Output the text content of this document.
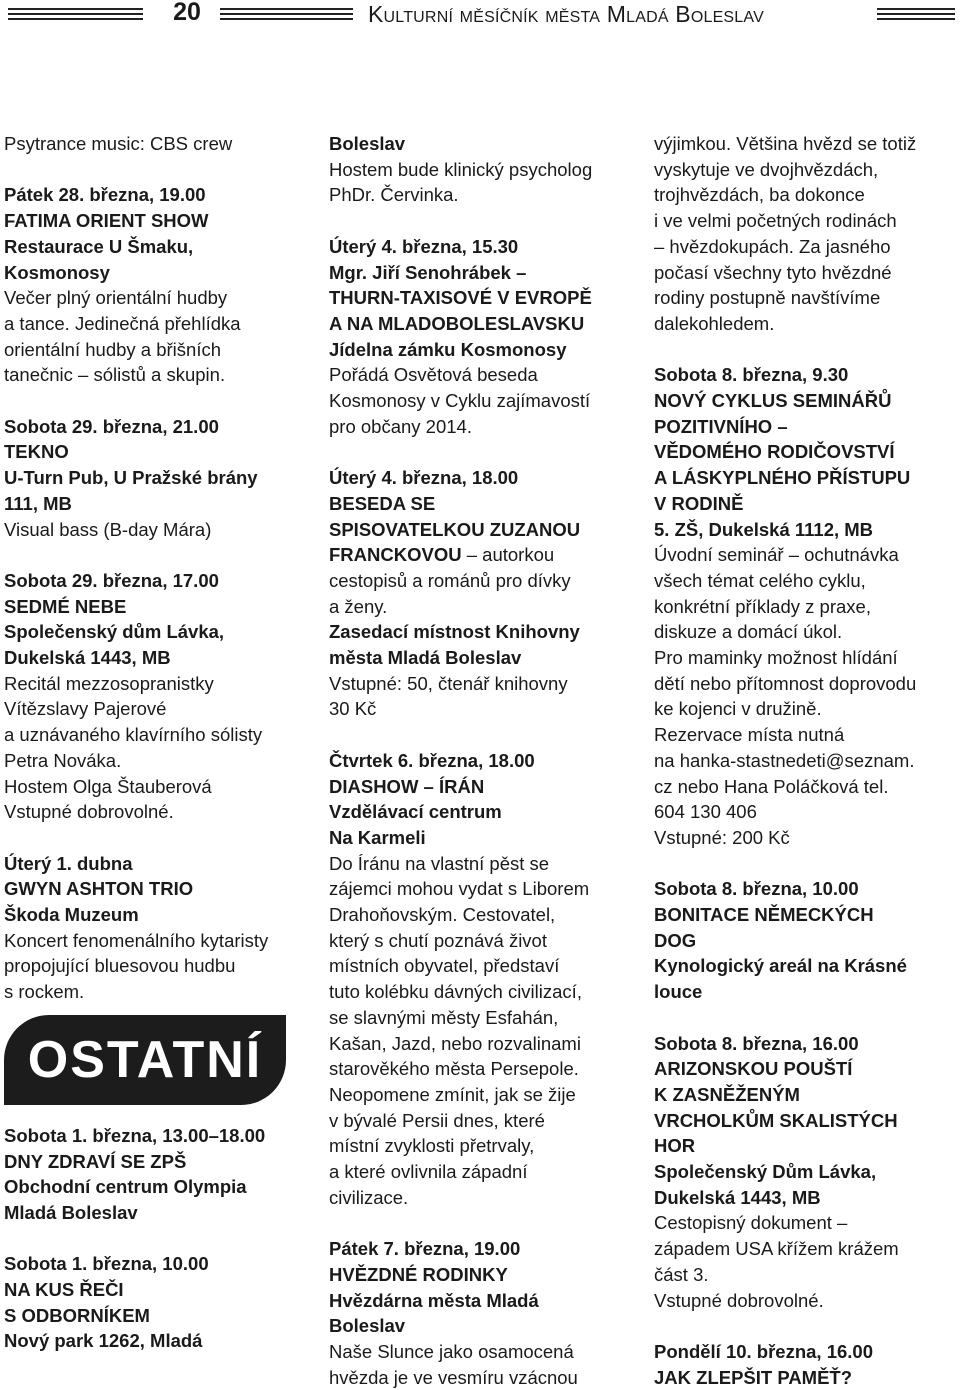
20	Kulturní měsíčník města Mladá Boleslav
Psytrance music: CBS crew
Pátek 28. března, 19.00
FATIMA ORIENT SHOW
Restaurace U Šmaku,
Kosmonosy
Večer plný orientální hudby
a tance. Jedinečná přehlídka
orientální hudby a břišních
tanečnic – sólistů a skupin.
Sobota 29. března, 21.00
TEKNO
U-Turn Pub, U Pražské brány
111, MB
Visual bass (B-day Mára)
Sobota 29. března, 17.00
SEDMÉ NEBE
Společenský dům Lávka,
Dukelská 1443, MB
Recitál mezzosopranistky
Vítězslavy Pajerové
a uznávaného klavírního sólisty
Petra Nováka.
Hostem Olga Štauberová
Vstupné dobrovolné.
Úterý 1. dubna
GWYN ASHTON TRIO
Škoda Muzeum
Koncert fenomenálního kytaristy
propojující bluesovou hudbu
s rockem.
OSTATNÍ
Sobota 1. března, 13.00–18.00
DNY ZDRAVÍ SE ZPŠ
Obchodní centrum Olympia
Mladá Boleslav
Sobota 1. března, 10.00
NA KUS ŘEČI
S ODBORNÍKEM
Nový park 1262, Mladá
Boleslav
Hostem bude klinický psycholog
PhDr. Červinka.
Úterý 4. března, 15.30
Mgr. Jiří Senohrábek –
THURN-TAXISOVÉ V EVROPĚ
A NA MLADOBOLESLAVSKU
Jídelna zámku Kosmonosy
Pořádá Osvětová beseda
Kosmonosy v Cyklu zajímavostí
pro občany 2014.
Úterý 4. března, 18.00
BESEDA SE
SPISOVATELKOU ZUZANOU
FRANCKOVOU – autorkou
cestopisů a románů pro dívky
a ženy.
Zasedací místnost Knihovny
města Mladá Boleslav
Vstupné: 50, čtenář knihovny
30 Kč
Čtvrtek 6. března, 18.00
DIASHOW – ÍRÁN
Vzdělávací centrum
Na Karmeli
Do Íránu na vlastní pěst se
zájemci mohou vydat s Liborem
Drahoňovským. Cestovatel,
který s chutí poznává život
místních obyvatel, představí
tuto kolébku dávných civilizací,
se slavnými městy Esfahán,
Kašan, Jazd, nebo rozvalinami
starověkého města Persepole.
Neopomene zmínit, jak se žije
v bývalé Persii dnes, které
místní zvyklosti přetrvaly,
a které ovlivnila západní
civilizace.
Pátek 7. března, 19.00
HVĚZDNÉ RODINKY
Hvězdárna města Mladá
Boleslav
Naše Slunce jako osamocená
hvězda je ve vesmíru vzácnou
výjimkou. Většina hvězd se totiž
vyskytuje ve dvojhvězdách,
trojhvězdách, ba dokonce
i ve velmi početných rodinách
– hvězdokupách. Za jasného
počasí všechny tyto hvězdné
rodiny postupně navštívíme
dalekohledem.
Sobota 8. března, 9.30
NOVÝ CYKLUS SEMINÁŘŮ
POZITIVNÍHO –
VĚDOMÉHO RODIČOVSTVÍ
A LÁSKYPLNÉHO PŘÍSTUPU
V RODINĚ
5. ZŠ, Dukelská 1112, MB
Úvodní seminář – ochutnávka
všech témat celého cyklu,
konkrétní příklady z praxe,
diskuze a domácí úkol.
Pro maminky možnost hlídání
dětí nebo přítomnost doprovodu
ke kojenci v družině.
Rezervace místa nutná
na hanka-stastnedeti@seznam.
cz nebo Hana Poláčková tel.
604 130 406
Vstupné: 200 Kč
Sobota 8. března, 10.00
BONITACE NĚMECKÝCH
DOG
Kynologický areál na Krásné
louce
Sobota 8. března, 16.00
ARIZONSKOU POUŠTÍ
K ZASNĚŽENÝM
VRCHOLKŮM SKALISTÝCH
HOR
Společenský Dům Lávka,
Dukelská 1443, MB
Cestopisný dokument –
západem USA křížem krážem
část 3.
Vstupné dobrovolné.
Pondělí 10. března, 16.00
JAK ZLEPŠIT PAMĚŤ?
